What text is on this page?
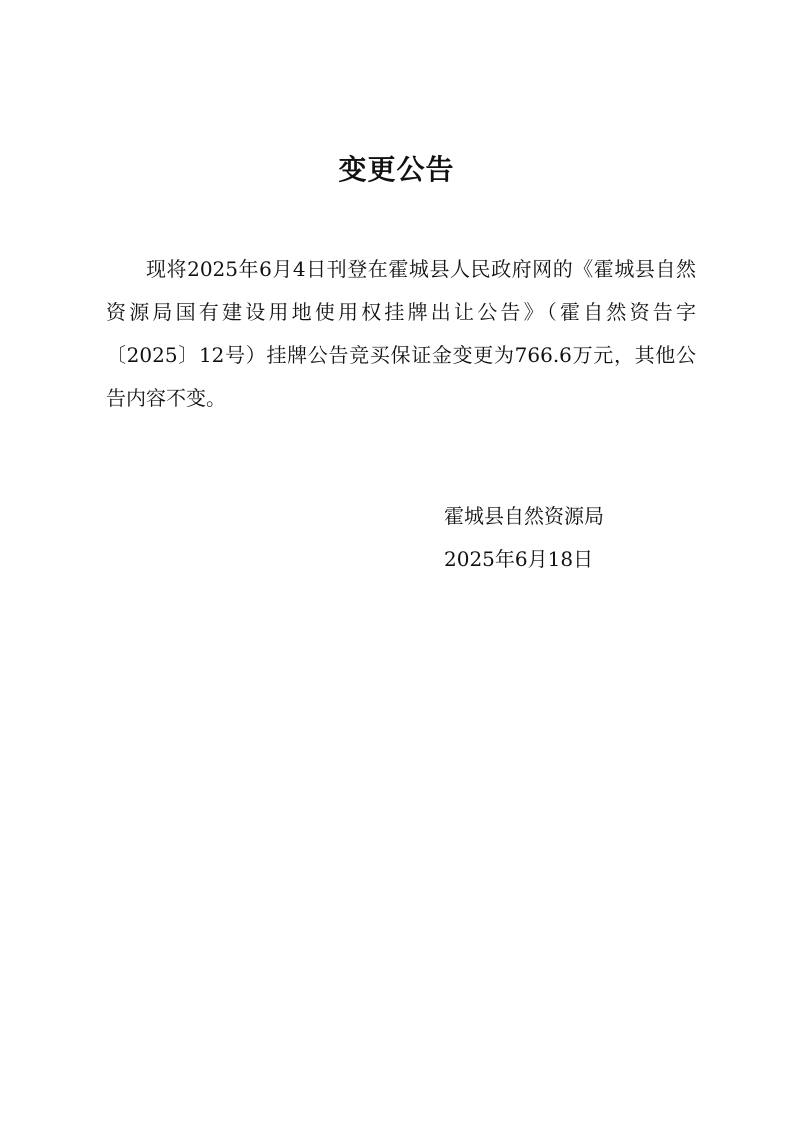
变更公告

现将2025年6月4日刊登在霍城县人民政府网的《霍城县自然资源局国有建设用地使用权挂牌出让公告》（霍自然资告字〔2025〕12号）挂牌公告竞买保证金变更为766.6万元，其他公告内容不变。

霍城县自然资源局
2025年6月18日
